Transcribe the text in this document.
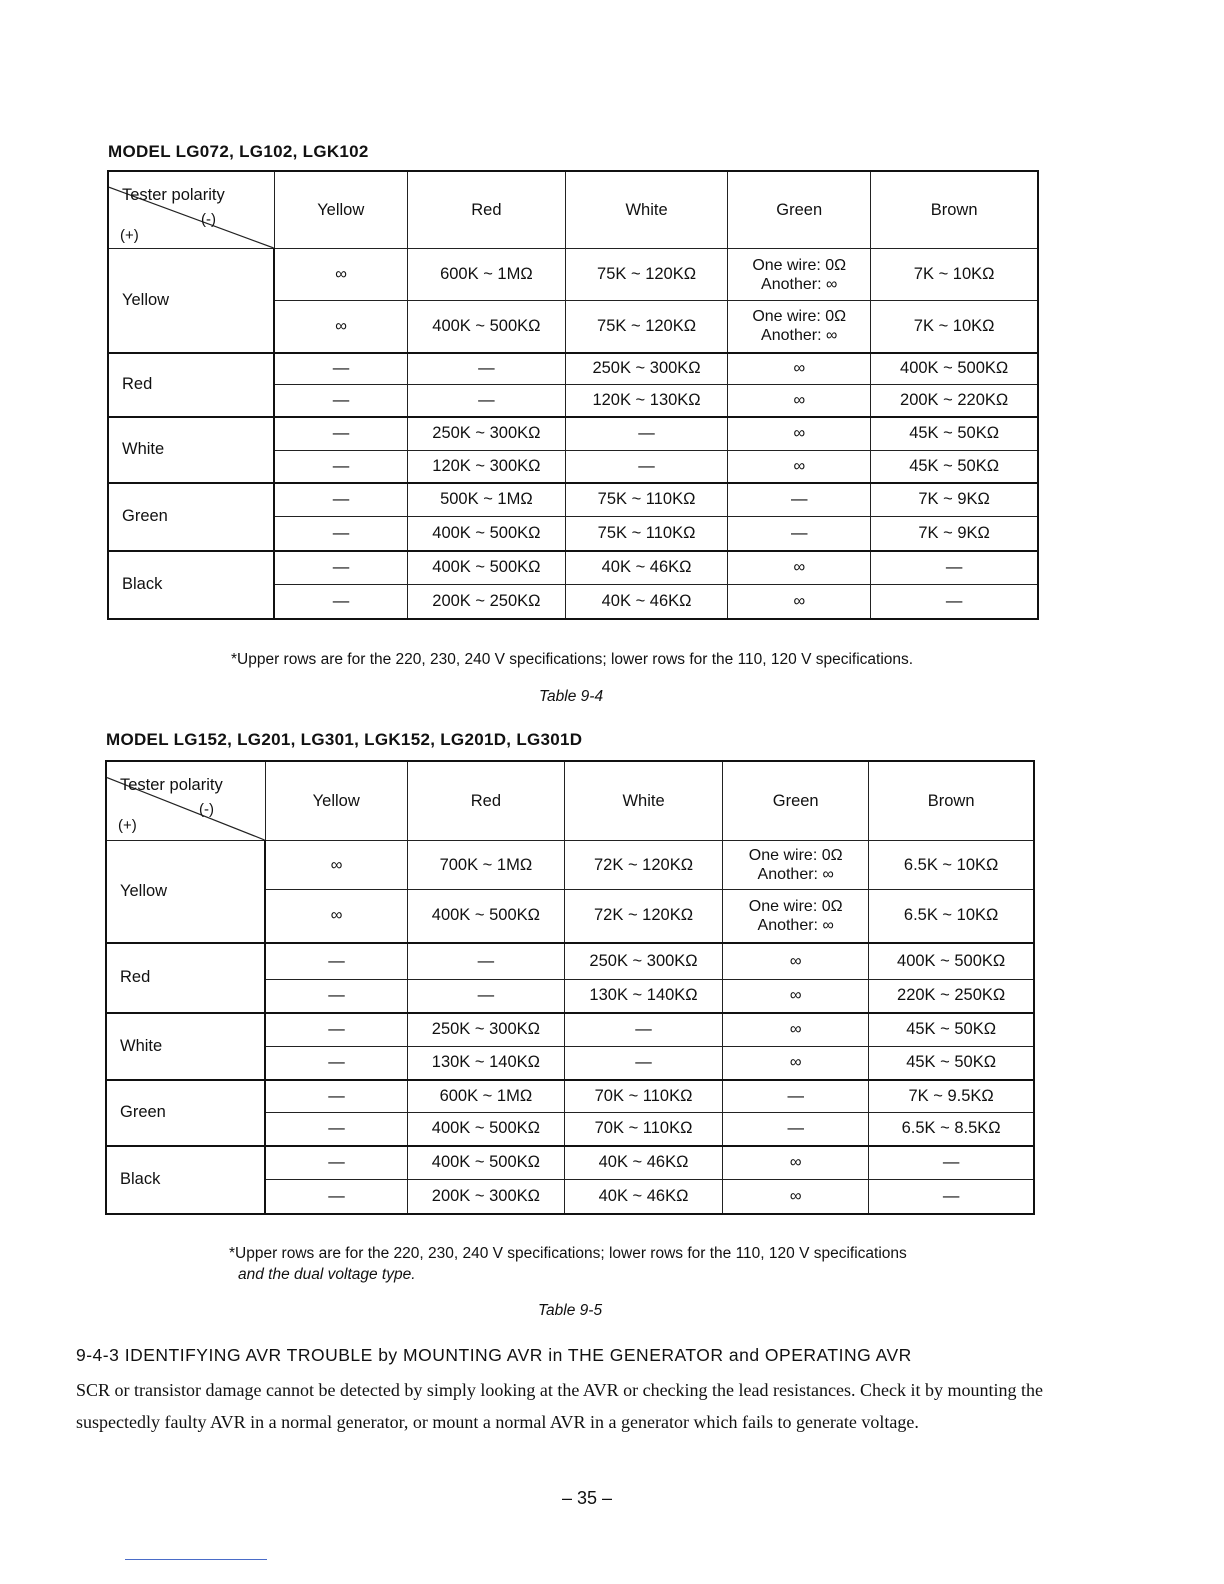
MODEL LG072, LG102, LGK102
Tester polarity
(-)
(+)	Yellow	Red	White	Green	Brown
Yellow	∞	600K ~ 1MΩ	75K ~ 120KΩ	One wire: 0Ω
Another: ∞	7K ~ 10KΩ
	∞	400K ~ 500KΩ	75K ~ 120KΩ	One wire: 0Ω
Another: ∞	7K ~ 10KΩ
Red	—	—	250K ~ 300KΩ	∞	400K ~ 500KΩ
	—	—	120K ~ 130KΩ	∞	200K ~ 220KΩ
White	—	250K ~ 300KΩ	—	∞	45K ~ 50KΩ
	—	120K ~ 300KΩ	—	∞	45K ~ 50KΩ
Green	—	500K ~ 1MΩ	75K ~ 110KΩ	—	7K ~ 9KΩ
	—	400K ~ 500KΩ	75K ~ 110KΩ	—	7K ~ 9KΩ
Black	—	400K ~ 500KΩ	40K ~ 46KΩ	∞	—
	—	200K ~ 250KΩ	40K ~ 46KΩ	∞	—
*Upper rows are for the 220, 230, 240 V specifications; lower rows for the 110, 120 V specifications.
Table 9-4
MODEL LG152, LG201, LG301, LGK152, LG201D, LG301D
Tester polarity
(-)
(+)	Yellow	Red	White	Green	Brown
Yellow	∞	700K ~ 1MΩ	72K ~ 120KΩ	One wire: 0Ω
Another: ∞	6.5K ~ 10KΩ
	∞	400K ~ 500KΩ	72K ~ 120KΩ	One wire: 0Ω
Another: ∞	6.5K ~ 10KΩ
Red	—	—	250K ~ 300KΩ	∞	400K ~ 500KΩ
	—	—	130K ~ 140KΩ	∞	220K ~ 250KΩ
White	—	250K ~ 300KΩ	—	∞	45K ~ 50KΩ
	—	130K ~ 140KΩ	—	∞	45K ~ 50KΩ
Green	—	600K ~ 1MΩ	70K ~ 110KΩ	—	7K ~ 9.5KΩ
	—	400K ~ 500KΩ	70K ~ 110KΩ	—	6.5K ~ 8.5KΩ
Black	—	400K ~ 500KΩ	40K ~ 46KΩ	∞	—
	—	200K ~ 300KΩ	40K ~ 46KΩ	∞	—
*Upper rows are for the 220, 230, 240 V specifications; lower rows for the 110, 120 V specifications
and the dual voltage type.
Table 9-5
9-4-3 IDENTIFYING AVR TROUBLE by MOUNTING AVR in THE GENERATOR and OPERATING AVR
SCR or transistor damage cannot be detected by simply looking at the AVR or checking the lead resistances. Check it by mounting the suspectedly faulty AVR in a normal generator, or mount a normal AVR in a generator which fails to generate voltage.
– 35 –
